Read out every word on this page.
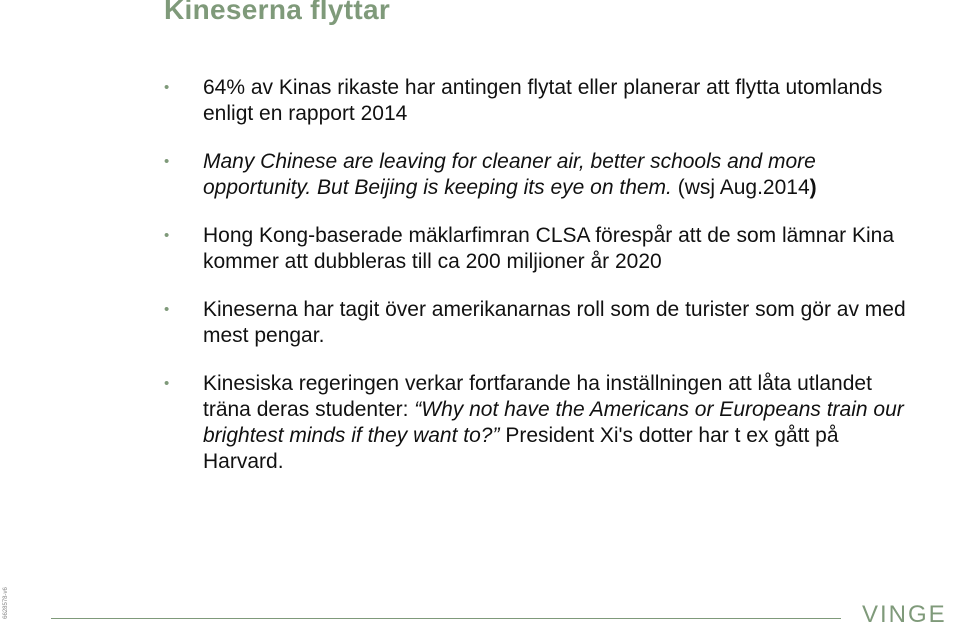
Kineserna flyttar
• 64% av Kinas rikaste har antingen flytat eller planerar att flytta utomlands enligt en rapport 2014
• Many Chinese are leaving for cleaner air, better schools and more opportunity. But Beijing is keeping its eye on them. (wsj Aug.2014)
• Hong Kong-baserade mäklarfimran CLSA förespår att de som lämnar Kina kommer att dubbleras till ca 200 miljioner år 2020
• Kineserna har tagit över amerikanarnas roll som de turister som gör av med mest pengar.
• Kinesiska regeringen verkar fortfarande ha inställningen att låta utlandet träna deras studenter: “Why not have the Americans or Europeans train our brightest minds if they want to?” President Xi's dotter har t ex gått på Harvard.
6628578-v6	VINGE
